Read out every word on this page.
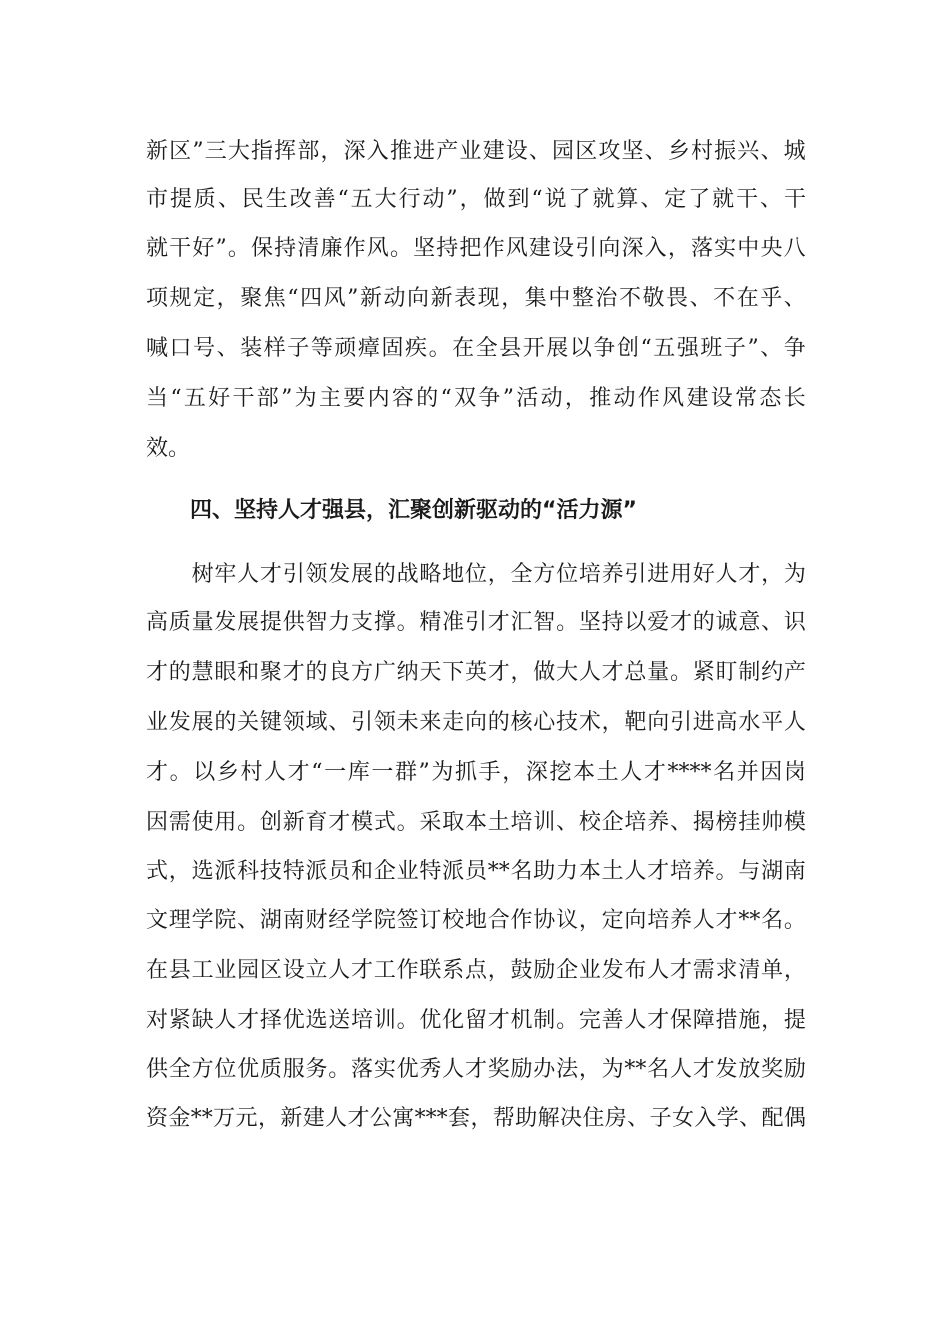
新 区 ” 三 大 指 挥 部 ， 深 入 推 进 产 业 建 设 、 园 区 攻 坚 、 乡 村 振 兴 、 城
市 提 质 、 民 生 改 善 “ 五 大 行 动 ” ， 做 到 “ 说 了 就 算 、 定 了 就 干 、 干
就 干 好 ” 。 保 持 清 廉 作 风 。 坚 持 把 作 风 建 设 引 向 深 入 ， 落 实 中 央 八
项 规 定 ， 聚 焦 “ 四 风 ” 新 动 向 新 表 现 ， 集 中 整 治 不 敬 畏 、 不 在 乎 、
喊 口 号 、 装 样 子 等 顽 瘴 固 疾 。 在 全 县 开 展 以 争 创 “ 五 强 班 子 ” 、 争
当 “ 五 好 干 部 ” 为 主 要 内 容 的 “ 双 争 ” 活 动 ， 推 动 作 风 建 设 常 态 长
效。
四、坚持人才强县，汇聚创新驱动的“活力源”

树 牢 人 才 引 领 发 展 的 战 略 地 位 ， 全 方 位 培 养 引 进 用 好 人 才 ， 为
高 质 量 发 展 提 供 智 力 支 撑 。 精 准 引 才 汇 智 。 坚 持 以 爱 才 的 诚 意 、 识
才 的 慧 眼 和 聚 才 的 良 方 广 纳 天 下 英 才 ， 做 大 人 才 总 量 。 紧 盯 制 约 产
业 发 展 的 关 键 领 域 、 引 领 未 来 走 向 的 核 心 技 术 ， 靶 向 引 进 高 水 平 人
才 。 以 乡 村 人 才 “ 一 库 一 群 ” 为 抓 手 ， 深 挖 本 土 人 才 **** 名 并 因 岗
因 需 使 用 。 创 新 育 才 模 式 。 采 取 本 土 培 训 、 校 企 培 养 、 揭 榜 挂 帅 模
式 ， 选 派 科 技 特 派 员 和 企 业 特 派 员 ** 名 助 力 本 土 人 才 培 养 。 与 湖 南
文 理 学 院 、 湖 南 财 经 学 院 签 订 校 地 合 作 协 议 ， 定 向 培 养 人 才 ** 名 。
在 县 工 业 园 区 设 立 人 才 工 作 联 系 点 ， 鼓 励 企 业 发 布 人 才 需 求 清 单 ，
对 紧 缺 人 才 择 优 选 送 培 训 。 优 化 留 才 机 制 。 完 善 人 才 保 障 措 施 ， 提
供 全 方 位 优 质 服 务 。 落 实 优 秀 人 才 奖 励 办 法 ， 为 ** 名 人 才 发 放 奖 励
资 金 ** 万 元 ， 新 建 人 才 公 寓 *** 套 ， 帮 助 解 决 住 房 、 子 女 入 学 、 配 偶
